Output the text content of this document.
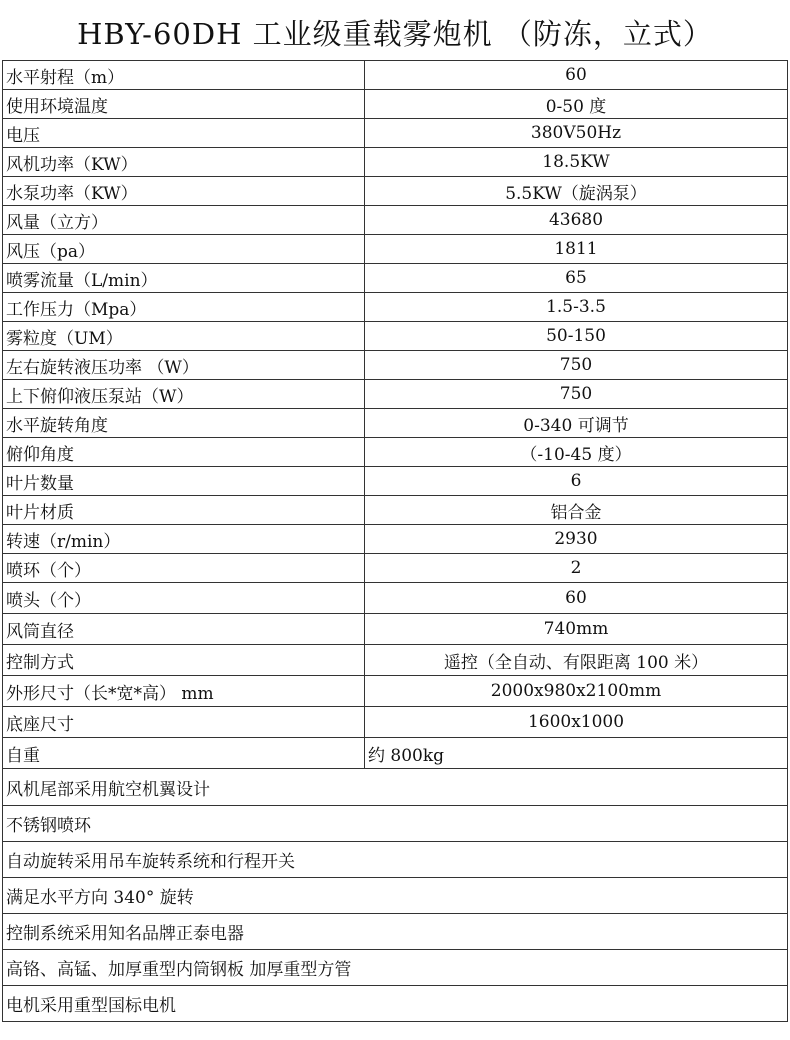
HBY-60DH 工业级重载雾炮机 （防冻，立式）
水平射程（m）	60
使用环境温度	0-50 度
电压	380V50Hz
风机功率（KW）	18.5KW
水泵功率（KW）	5.5KW（旋涡泵）
风量（立方）	43680
风压（pa）	1811
喷雾流量（L/min）	65
工作压力（Mpa）	1.5-3.5
雾粒度（UM）	50-150
左右旋转液压功率 （W）	750
上下俯仰液压泵站（W）	750
水平旋转角度	0-340 可调节
俯仰角度	（-10-45 度）
叶片数量	6
叶片材质	铝合金
转速（r/min）	2930
喷环（个）	2
喷头（个）	60
风筒直径	740mm
控制方式	遥控（全自动、有限距离 100 米）
外形尺寸（长*宽*高） mm	2000x980x2100mm
底座尺寸	1600x1000
自重	约 800kg
风机尾部采用航空机翼设计	
不锈钢喷环	
自动旋转采用吊车旋转系统和行程开关	
满足水平方向 340° 旋转	
控制系统采用知名品牌正泰电器	
高铬、高锰、加厚重型内筒钢板 加厚重型方管	
电机采用重型国标电机	
